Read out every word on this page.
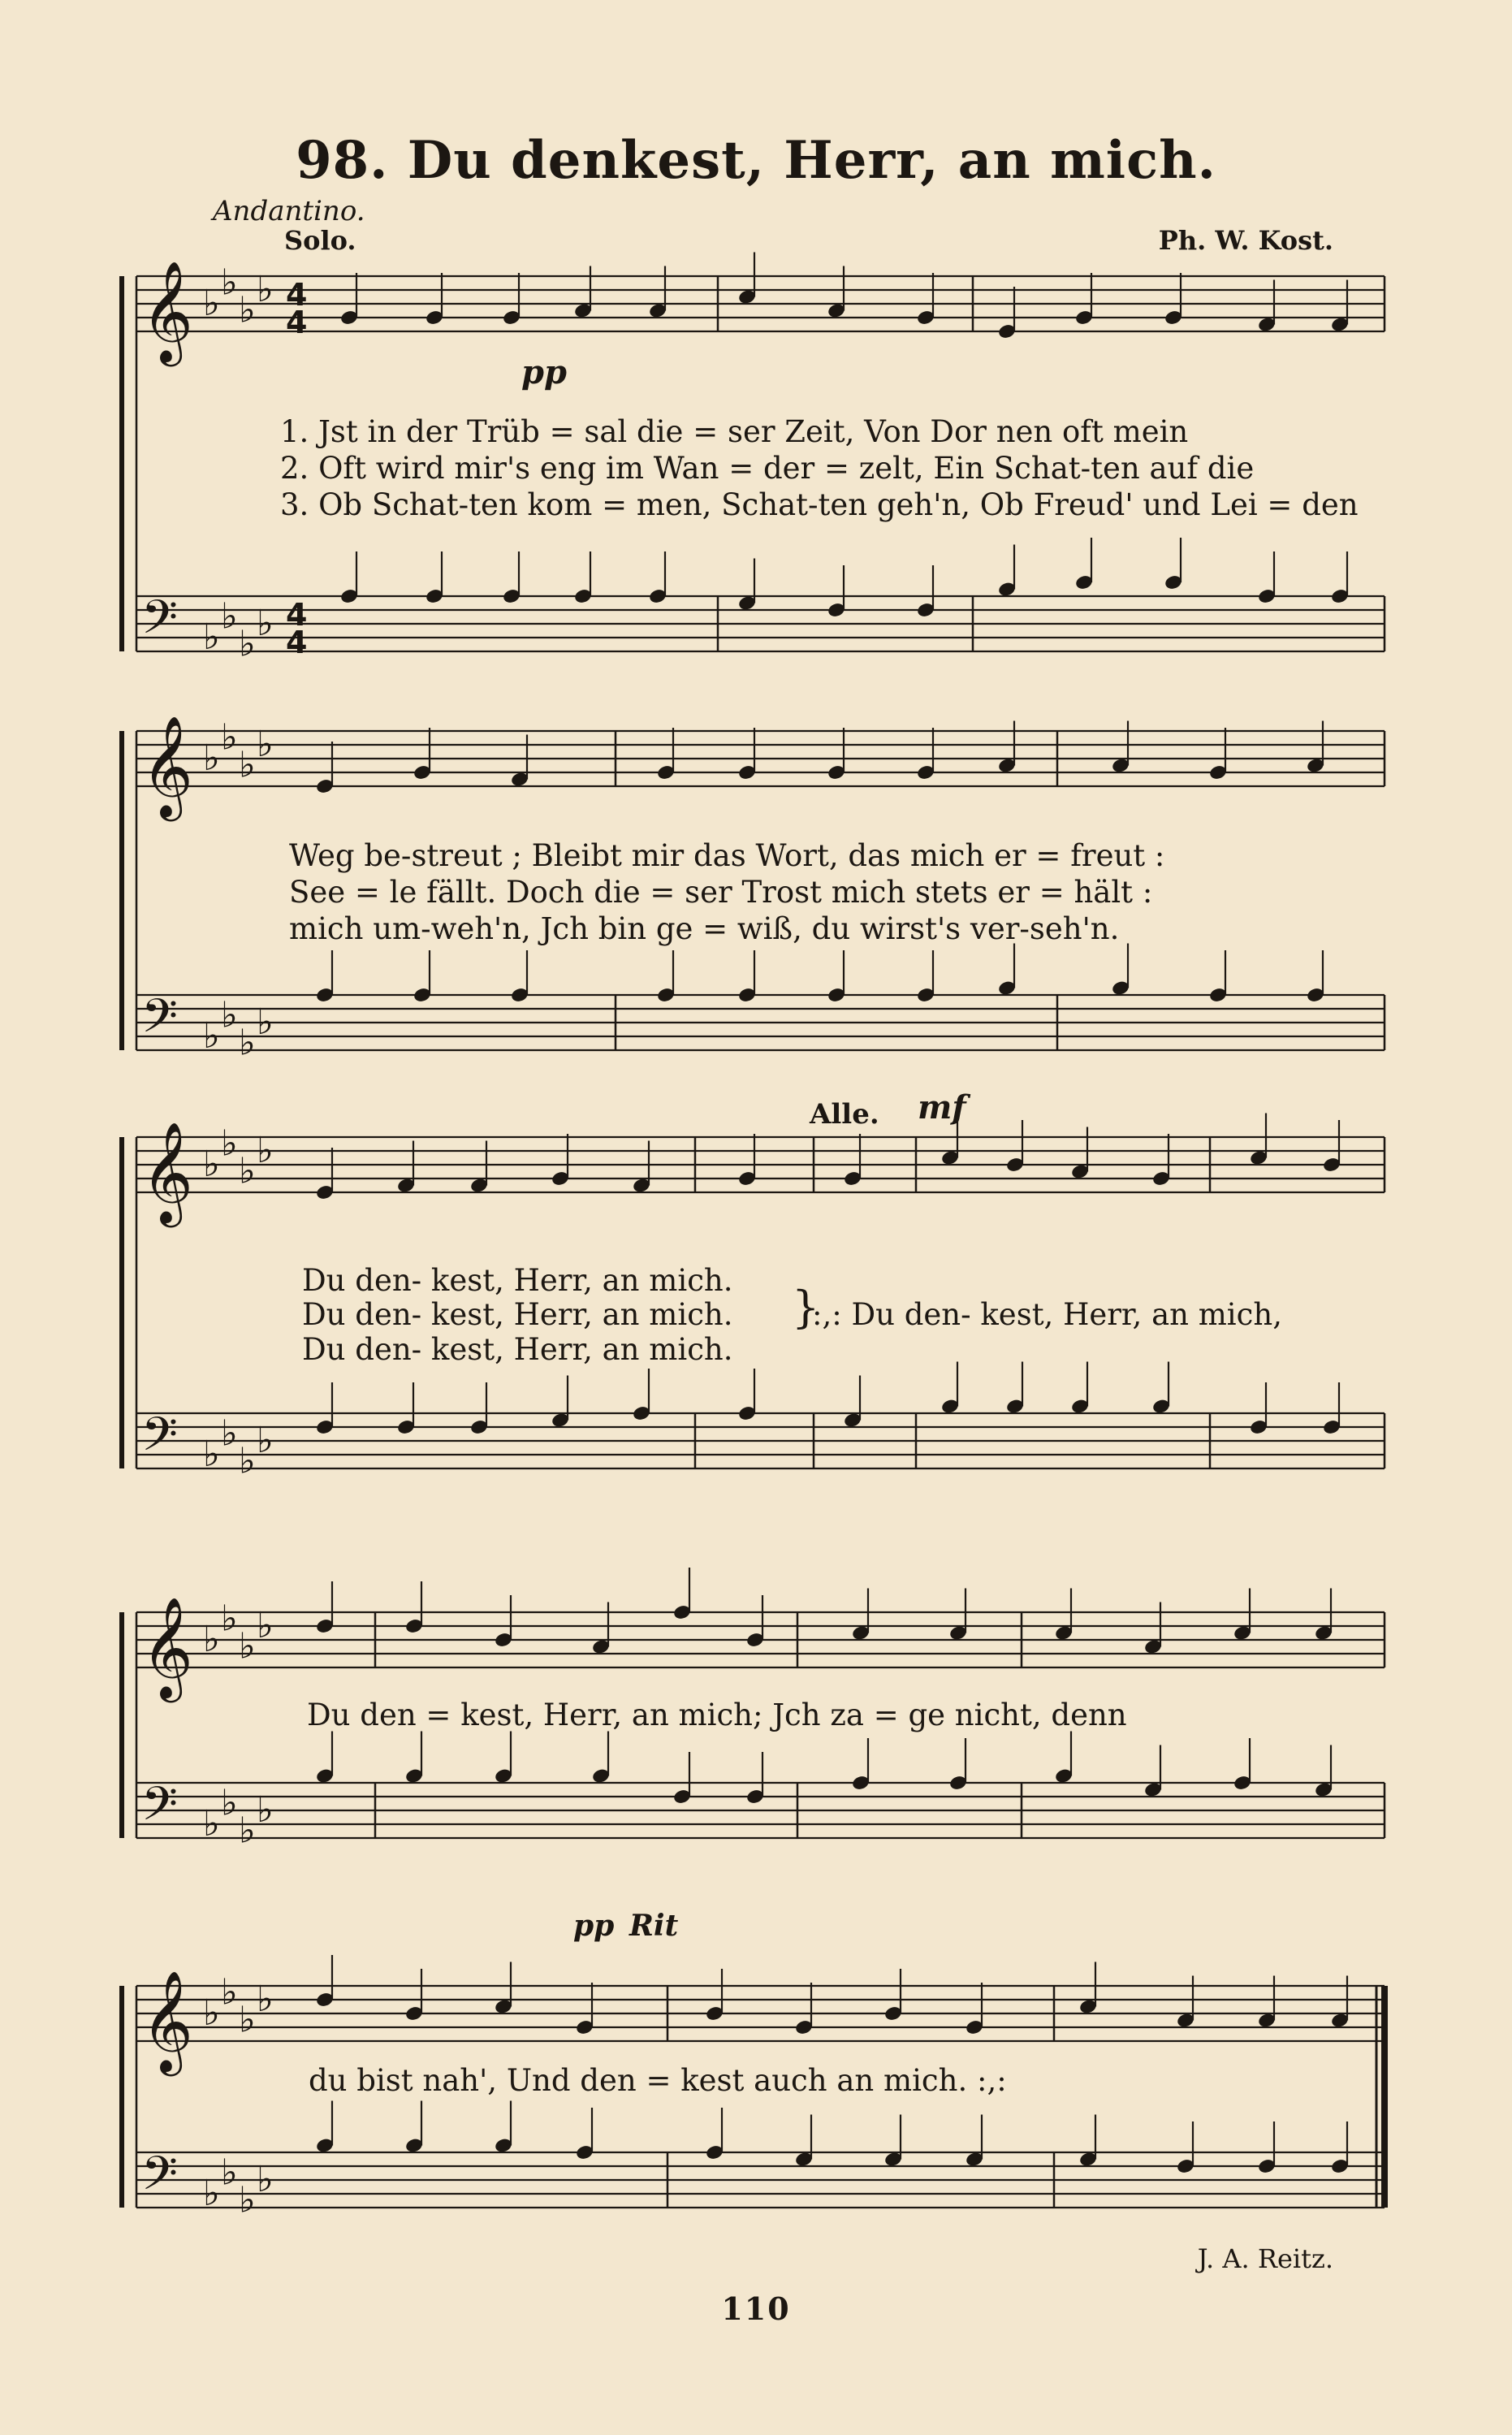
98. Du denkest, Herr, an mich.
Andantino.
Solo.	Ph. W. Kost.
𝄞 ♭ ♭
♭ ♭
𝄢 ♭ ♭
♭ ♭
𝄞 ♭ ♭
♭ ♭
𝄢 ♭ ♭
♭ ♭
𝄞 ♭ ♭
♭ ♭
𝄢 ♭ ♭
♭ ♭
𝄞 ♭ ♭
♭ ♭
𝄢 ♭ ♭
♭ ♭
𝄞 ♭ ♭
♭ ♭
𝄢 ♭ ♭
♭ ♭
4
4
4
4
pp
1. Jst in der Trüb = sal die = ser Zeit, Von Dor nen oft mein
2. Oft wird mir's eng im Wan = der = zelt, Ein Schat-ten auf die
3. Ob Schat-ten kom = men, Schat-ten geh'n, Ob Freud' und Lei = den
Weg be-streut ; Bleibt mir das Wort, das mich er = freut :
See = le fällt. Doch die = ser Trost mich stets er = hält :
mich um-weh'n, Jch bin ge = wiß, du wirst's ver-seh'n.
Alle. mf
Du den- kest, Herr, an mich.
Du den- kest, Herr, an mich.
Du den- kest, Herr, an mich.
}
:,: Du den- kest, Herr, an mich,
Du den = kest, Herr, an mich; Jch za = ge nicht, denn
pp Rit
du bist nah', Und den = kest auch an mich. :,:
J. A. Reitz.
110
